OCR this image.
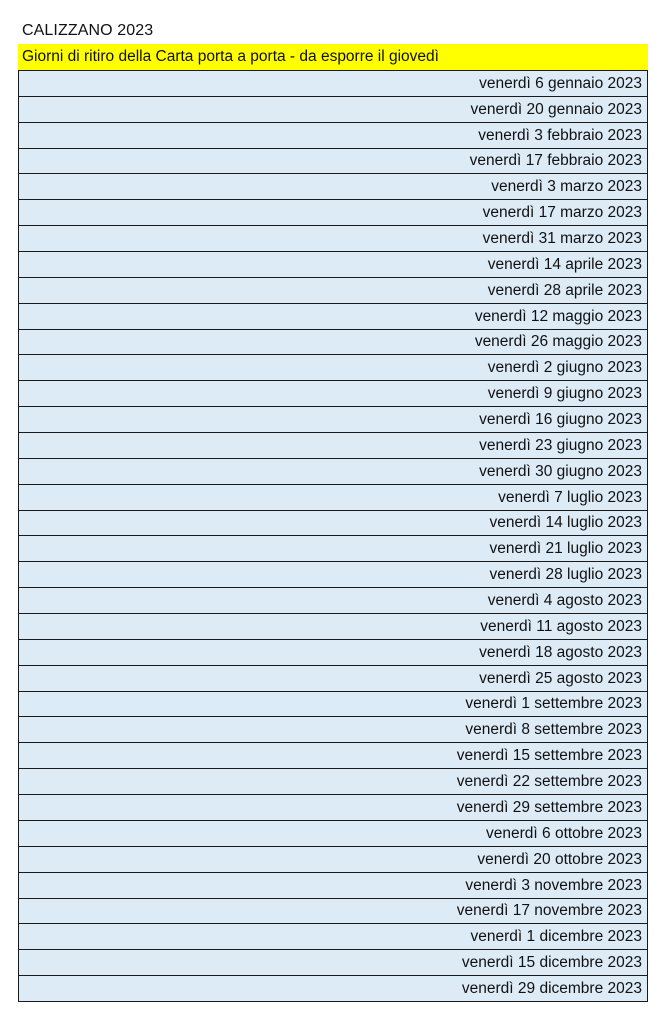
CALIZZANO 2023
Giorni di ritiro della Carta porta a porta - da esporre il giovedì
venerdì 6 gennaio 2023
venerdì 20 gennaio 2023
venerdì 3 febbraio 2023
venerdì 17 febbraio 2023
venerdì 3 marzo 2023
venerdì 17 marzo 2023
venerdì 31 marzo 2023
venerdì 14 aprile 2023
venerdì 28 aprile 2023
venerdì 12 maggio 2023
venerdì 26 maggio 2023
venerdì 2 giugno 2023
venerdì 9 giugno 2023
venerdì 16 giugno 2023
venerdì 23 giugno 2023
venerdì 30 giugno 2023
venerdì 7 luglio 2023
venerdì 14 luglio 2023
venerdì 21 luglio 2023
venerdì 28 luglio 2023
venerdì 4 agosto 2023
venerdì 11 agosto 2023
venerdì 18 agosto 2023
venerdì 25 agosto 2023
venerdì 1 settembre 2023
venerdì 8 settembre 2023
venerdì 15 settembre 2023
venerdì 22 settembre 2023
venerdì 29 settembre 2023
venerdì 6 ottobre 2023
venerdì 20 ottobre 2023
venerdì 3 novembre 2023
venerdì 17 novembre 2023
venerdì 1 dicembre 2023
venerdì 15 dicembre 2023
venerdì 29 dicembre 2023
